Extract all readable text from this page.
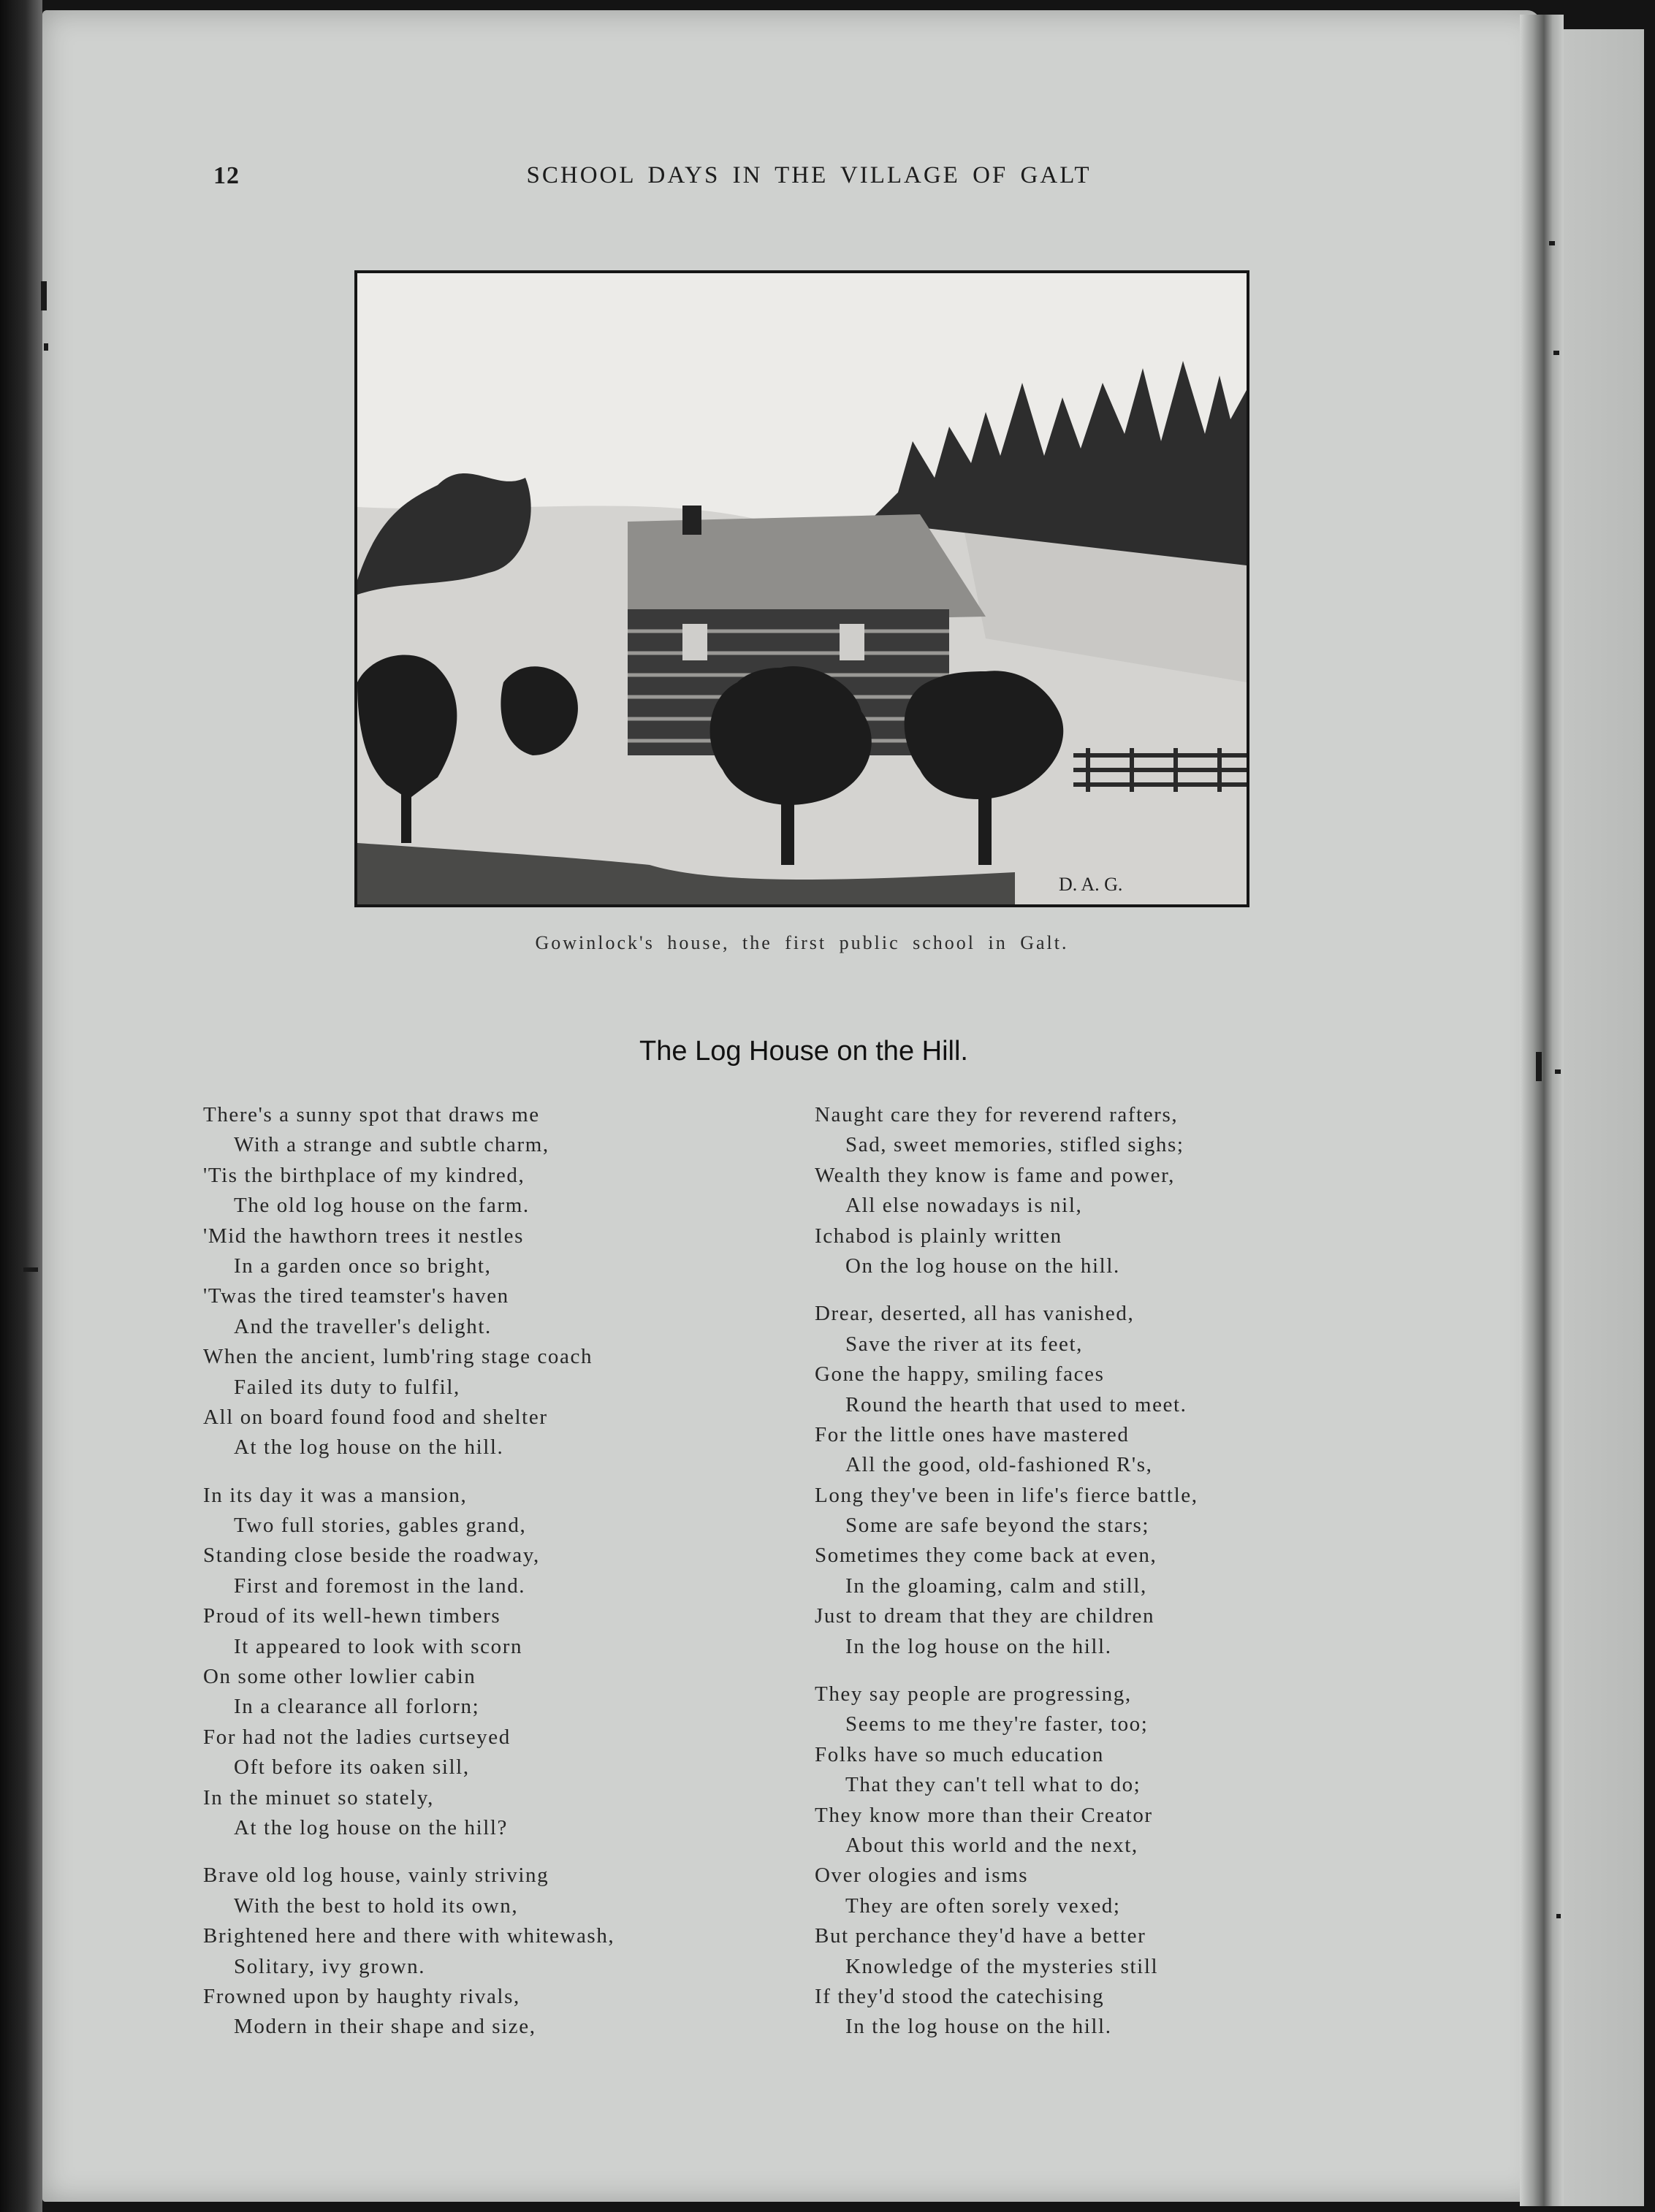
12	SCHOOL DAYS IN THE VILLAGE OF GALT
D. A. G.
Gowinlock's house, the first public school in Galt.
The Log House on the Hill.
There's a sunny spot that draws me
With a strange and subtle charm,
'Tis the birthplace of my kindred,
The old log house on the farm.
'Mid the hawthorn trees it nestles
In a garden once so bright,
'Twas the tired teamster's haven
And the traveller's delight.
When the ancient, lumb'ring stage coach
Failed its duty to fulfil,
All on board found food and shelter
At the log house on the hill.
In its day it was a mansion,
Two full stories, gables grand,
Standing close beside the roadway,
First and foremost in the land.
Proud of its well-hewn timbers
It appeared to look with scorn
On some other lowlier cabin
In a clearance all forlorn;
For had not the ladies curtseyed
Oft before its oaken sill,
In the minuet so stately,
At the log house on the hill?
Brave old log house, vainly striving
With the best to hold its own,
Brightened here and there with whitewash,
Solitary, ivy grown.
Frowned upon by haughty rivals,
Modern in their shape and size,
Naught care they for reverend rafters,
Sad, sweet memories, stifled sighs;
Wealth they know is fame and power,
All else nowadays is nil,
Ichabod is plainly written
On the log house on the hill.
Drear, deserted, all has vanished,
Save the river at its feet,
Gone the happy, smiling faces
Round the hearth that used to meet.
For the little ones have mastered
All the good, old-fashioned R's,
Long they've been in life's fierce battle,
Some are safe beyond the stars;
Sometimes they come back at even,
In the gloaming, calm and still,
Just to dream that they are children
In the log house on the hill.
They say people are progressing,
Seems to me they're faster, too;
Folks have so much education
That they can't tell what to do;
They know more than their Creator
About this world and the next,
Over ologies and isms
They are often sorely vexed;
But perchance they'd have a better
Knowledge of the mysteries still
If they'd stood the catechising
In the log house on the hill.
